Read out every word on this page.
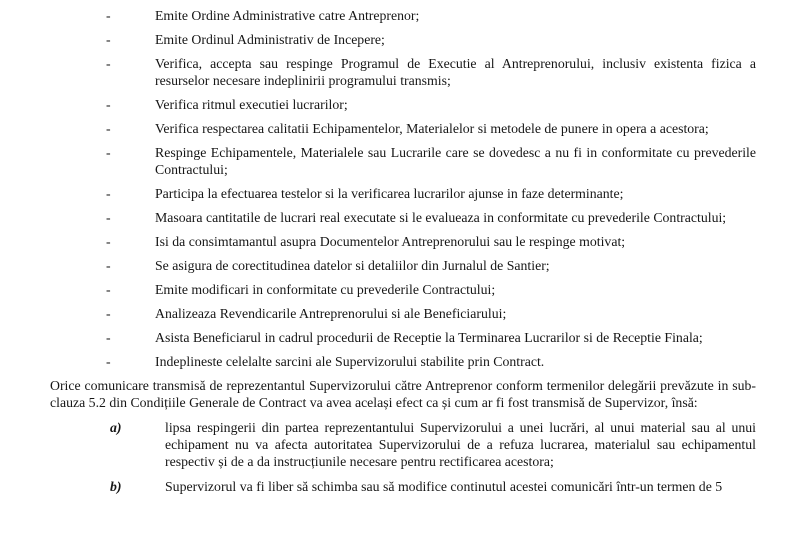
-	Emite Ordine Administrative catre Antreprenor;
-	Emite Ordinul Administrativ de Incepere;
-	Verifica, accepta sau respinge Programul de Executie al Antreprenorului, inclusiv existenta fizica a resurselor necesare indeplinirii programului transmis;
-	Verifica ritmul executiei lucrarilor;
-	Verifica respectarea calitatii Echipamentelor, Materialelor si metodele de punere in opera a acestora;
-	Respinge Echipamentele, Materialele sau Lucrarile care se dovedesc a nu fi in conformitate cu prevederile Contractului;
-	Participa la efectuarea testelor si la verificarea lucrarilor ajunse in faze determinante;
-	Masoara cantitatile de lucrari real executate si le evalueaza in conformitate cu prevederile Contractului;
-	Isi da consimtamantul asupra Documentelor Antreprenorului sau le respinge motivat;
-	Se asigura de corectitudinea datelor si detaliilor din Jurnalul de Santier;
-	Emite modificari in conformitate cu prevederile Contractului;
-	Analizeaza Revendicarile Antreprenorului si ale Beneficiarului;
-	Asista Beneficiarul in cadrul procedurii de Receptie la Terminarea Lucrarilor si de Receptie Finala;
-	Indeplineste celelalte sarcini ale Supervizorului stabilite prin Contract.

Orice comunicare transmisă de reprezentantul Supervizorului către Antreprenor conform termenilor delegării prevăzute in sub-clauza 5.2 din Condițiile Generale de Contract va avea același efect ca și cum ar fi fost transmisă de Supervizor, însă:

a)	lipsa respingerii din partea reprezentantului Supervizorului a unei lucrări, al unui material sau al unui echipament nu va afecta autoritatea Supervizorului de a refuza lucrarea, materialul sau echipamentul respectiv și de a da instrucțiunile necesare pentru rectificarea acestora;
b)	Supervizorul va fi liber să schimba sau să modifice continutul acestei comunicări într-un termen de 5
